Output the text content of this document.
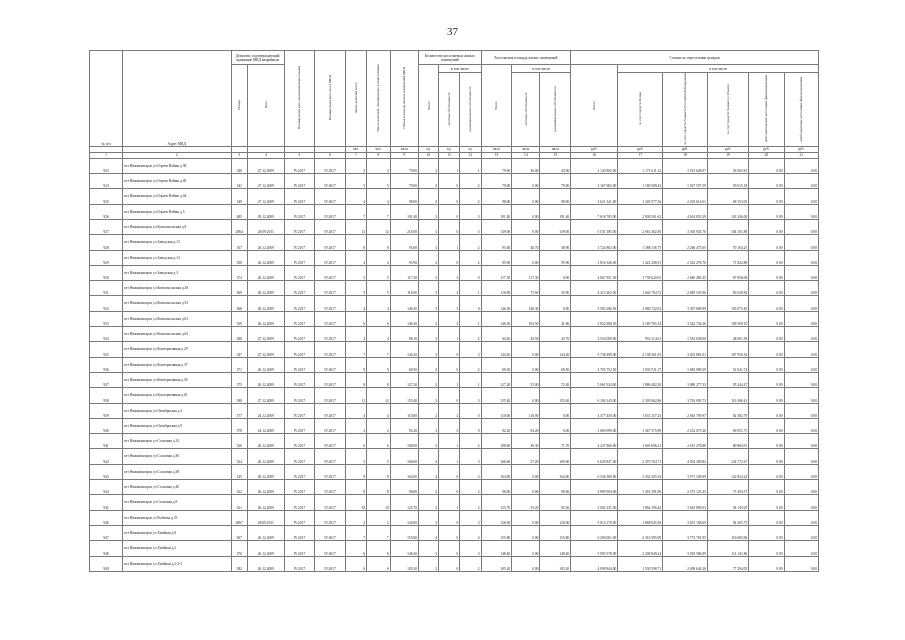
37
№ п/п	Адрес МКД	Документ, подтверждающий признание МКД аварийным		Планируемая дата окончания переселения	Планируемая дата сноса МКД	Число жителей всего	Число жителей, планируемых к переселению	Общая площадь жилых помещений МКД	Количество расселяемых жилых помещений			Расселяемая площадь жилых помещений			Стоимость переселения граждан					
		Номер	Дата						Всего	в том числе		Всего	в том числе		Всего	в том числе				
										частная собственность	муниципальная собственность		частная собственность	муниципальная собственность		за счет средств Фонда	за счет средств бюджета Российской Федерации	за счет средств бюджета субъекта	дополнительные источники финансирования	внебюджетные источники финансирования
						чел.	чел.	кв.м	ед.	ед.	ед.	кв.м	кв.м	кв.м	руб.	руб.	руб.	руб.	руб.	руб.
1	2	3	4	5	6	7	8	9	10	11	12	13	14	15	16	17	18	19	20	21
923	пгт Нижнеангарск ул Героев Войны д.38	340	27.12.2009	IV.2017	IV.2017	3	3	79.00	2	1	1	79.00	36.00	43.00	3 143 805.00	1 171 611.12	1 915 628.07	56 565.81	0.00	0.00
924	пгт Нижнеангарск ул Героев Войны д.40	341	27.12.2009	IV.2017	IV.2017	5	5	79.00	2	0	2	79.00	0.00	79.00	3 167 682.00	1 180 509.43	1 927 557.59	59 615.18	0.00	0.00
925	пгт Нижнеангарск ул Героев Войны д.44	349	27.12.2009	IV.2017	IV.2017	4	4	98.00	2	0	2	98.00	0.00	98.00	3 621 341.00	1 349 577.36	2 203 614.61	68 153.05	0.00	0.00
926	пгт Нижнеангарск ул Героев Войны д.5	485	29.12.2009	IV.2017	IV.2017	7	7	191.40	3	0	3	191.40	0.00	191.40	7 616 765.00	2 838 561.62	4 634 853.39	143 346.00	0.00	0.00
927	пгт Нижнеангарск ул Комсомольская д.8	2864	28.09.2011	IV.2017	IV.2017	12	12	216.00	3	0	3	139.00	0.00	139.00	5 531 385.00	2 061 402.30	3 365 945.76	104 101.88	0.00	0.00
928	пгт Нижнеангарск ул Заводская д.13	357	26.12.2009	IV.2017	IV.2017	8	8	95.60	3	1	2	95.60	46.70	48.90	3 724 802.00	1 388 136.75	2 266 475.65	70 104.25	0.00	0.00
929	пгт Нижнеангарск ул Заводская д.14	358	26.12.2009	IV.2017	IV.2017	4	4	95.90	2	0	2	95.90	0.00	95.90	3 816 346.00	1 422 206.91	2 322 276.76	71 822.88	0.00	0.00
930	пгт Нижнеангарск ул Заводская д.3	374	26.12.2009	IV.2017	IV.2017	5	5	117.30	3	3	0	117.30	117.30	0.00	4 667 951.50	1 739 620.03	2 840 485.45	87 856.06	0.00	0.00
931	пгт Нижнеангарск ул Комсомольская д.38	369	26.12.2009	IV.2017	IV.2017	5	5	116.90	3	2	1	116.90	75.60	35.90	4 413 263.50	1 644 704.72	2 685 535.96	83 028.82	0.00	0.00
932	пгт Нижнеангарск ул Комсомольская д.53	368	26.12.2009	IV.2017	IV.2017	4	4	146.30	3	3	0	146.30	146.30	0.00	5 583 286.50	2 080 722.02	3 397 609.99	105 075.49	0.00	0.00
933	пгт Нижнеангарск ул Комсомольская д.61	359	26.12.2009	IV.2017	IV.2017	6	6	146.30	3	2	1	146.30	104.50	41.80	5 822 608.50	2 169 765.14	3 542 734.26	109 569.10	0.00	0.00
934	пгт Нижнеангарск ул Комсомольская д.63	388	27.12.2009	IV.2017	IV.2017	4	4	88.10	3	1	2	64.20	29.50	43.70	2 554 089.00	952 114.61	1 554 638.00	48 061.58	0.00	0.00
935	пгт Нижнеангарск ул Кооперативная д.29	347	27.12.2009	IV.2017	IV.2017	7	7	144.20	3	0	3	144.20	0.00	144.20	5 738 499.00	2 138 561.05	3 491 881.61	107 956.34	0.00	0.00
936	пгт Нижнеангарск ул Кооперативная д.37	371	26.12.2009	IV.2017	IV.2017	9	9	69.50	2	0	2	69.50	0.00	69.50	2 765 752.50	1 030 721.17	1 682 989.59	52 041.74	0.00	0.00
937	пгт Нижнеангарск ул Кооперативная д.56	375	26.12.2009	IV.2017	IV.2017	8	8	127.20	2	1	1	127.20	55.00	72.20	5 061 924.00	1 886 402.20	3 080 277.33	95 244.47	0.00	0.00
938	пгт Нижнеангарск ул Кооперативная д.61	398	27.12.2009	IV.2017	IV.2017	12	12	155.40	3	0	3	155.40	0.00	155.40	6 184 143.00	2 305 662.86	3 763 093.73	116 366.41	0.00	0.00
939	пгт Нижнеангарск ул Октябрьская д.2	377	24.12.2009	IV.2017	IV.2017	4	4	110.00	2	2	0	110.00	110.00	0.00	4 377 450.00	1 631 357.23	2 663 709.97	82 382.79	0.00	0.00
940	пгт Нижнеангарск ул Октябрьская д.9	378	24.12.2009	IV.2017	IV.2017	2	2	92.20	3	3	0	92.20	92.20	0.00	3 669 099.00	1 367 375.99	2 232 675.26	69 051.75	0.00	0.00
941	пгт Нижнеангарск ул Сосновая д.32	326	26.12.2009	IV.2017	IV.2017	6	6	108.00	3	1	2	108.00	36.30	71.70	4 237 866.00	1 603 696.21	2 615 278.88	80 884.91	0.00	0.00
942	пгт Нижнеангарск ул Сосновая д.36	324	26.12.2009	IV.2017	IV.2017	5	5	166.00	4	1	3	166.00	57.20	109.60	6 629 847.00	2 470 764.71	4 034 309.82	124 772.47	0.00	0.00
943	пгт Нижнеангарск ул Сосновая д.38	325	26.12.2009	IV.2017	IV.2017	9	9	164.00	4	0	4	164.00	0.00	164.00	6 526 380.00	2 432 205.34	3 971 349.89	122 824.24	0.00	0.00
944	пгт Нижнеангарск ул Сосновая д.40	322	26.12.2009	IV.2017	IV.2017	8	8	98.00	2	0	2	98.00	0.00	98.00	3 899 904.00	1 453 391.06	2 373 123.45	73 394.57	0.00	0.00
945	пгт Нижнеангарск ул Сосновая д.8	321	26.12.2009	IV.2017	IV.2017	10	10	125.70	3	1	2	125.70	33.20	92.50	5 002 231.50	1 864 196.42	3 043 890.03	94 145.05	0.00	0.00
946	пгт Нижнеангарск ул Рыбачья д.53	2867	28.09.2011	IV.2017	IV.2017	2	2	126.00	3	0	3	126.00	0.00	126.00	5 014 170.00	1 868 645.38	3 051 158.69	94 365.75	0.00	0.00
947	пгт Нижнеангарск ул Хвойная д.8	367	26.12.2009	IV.2017	IV.2017	7	7	155.80	4	0	4	155.80	0.00	155.80	6 200 061.00	2 310 595.09	3 772 781.95	116 683.96	0.00	0.00
948	пгт Нижнеангарск ул Хвойная д.2	376	26.12.2009	IV.2017	IV.2017	6	6	148.40	3	0	3	148.40	0.00	148.40	5 905 578.00	2 200 849.24	3 593 586.99	111 141.86	0.00	0.00
949	пгт Нижнеангарск ул Хвойная д.2-2-3	382	26.12.2009	IV.2017	IV.2017	6	6	105.20	2	0	2	105.20	0.00	105.20	4 098 844.00	1 530 598.71	2 499 644.26	77 294.05	0.00	0.00
